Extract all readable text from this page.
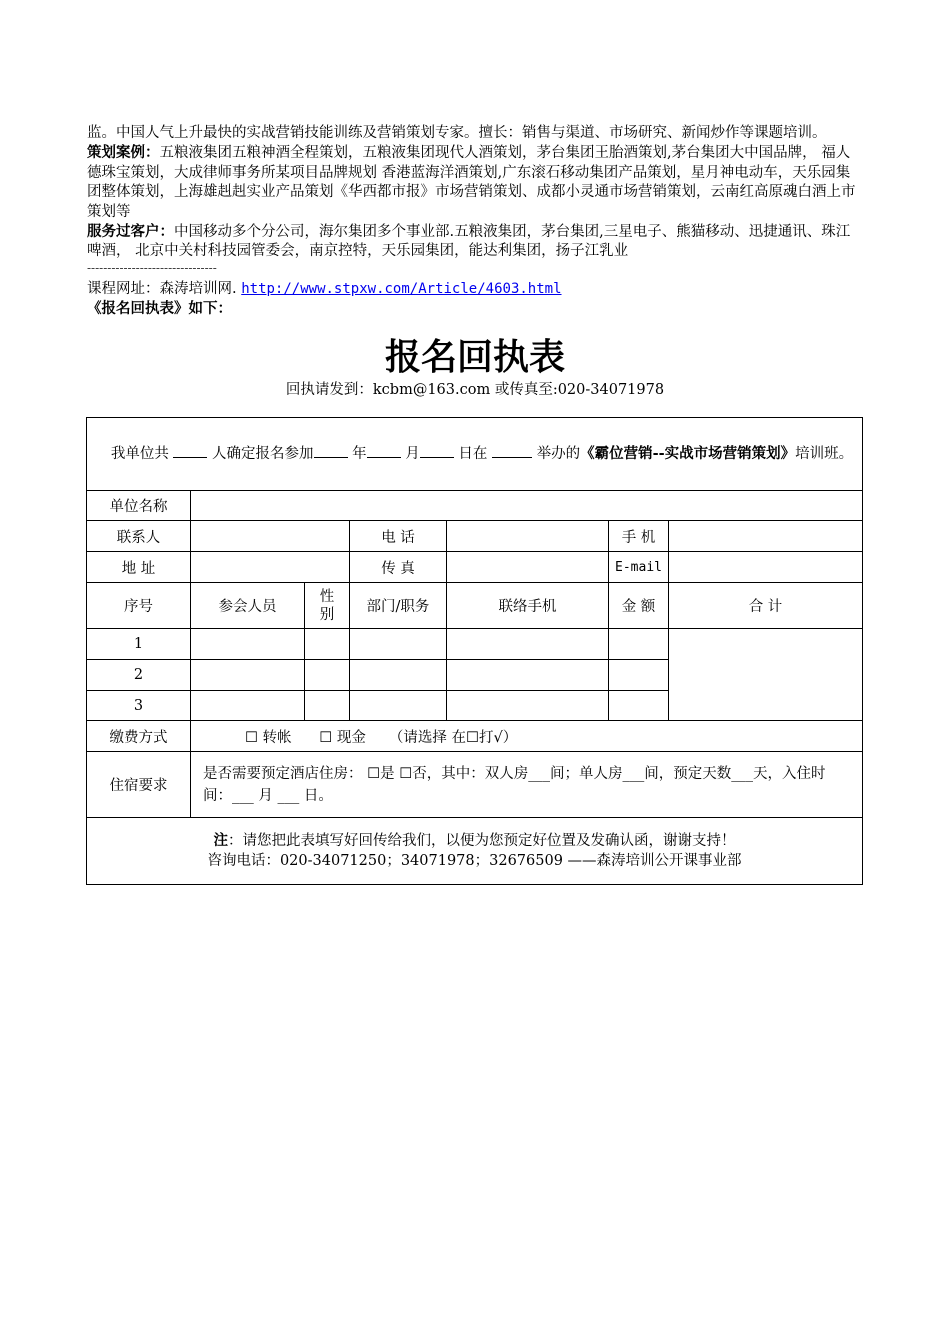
监。中国人气上升最快的实战营销技能训练及营销策划专家。擅长：销售与渠道、市场研究、新闻炒作等课题培训。

策划案例：五粮液集团五粮神酒全程策划，五粮液集团现代人酒策划，茅台集团王胎酒策划,茅台集团大中国品牌， 福人德珠宝策划，大成律师事务所某项目品牌规划 香港蓝海洋酒策划,广东滚石移动集团产品策划，星月神电动车，天乐园集团整体策划，上海雄赳赳实业产品策划《华西都市报》市场营销策划、成都小灵通市场营销策划，云南红高原魂白酒上市策划等

服务过客户：中国移动多个分公司，海尔集团多个事业部.五粮液集团，茅台集团,三星电子、熊猫移动、迅捷通讯、珠江啤酒， 北京中关村科技园管委会，南京控特，天乐园集团，能达利集团，扬子江乳业

--------------------------------

课程网址：森涛培训网. http://www.stpxw.com/Article/4603.html

《报名回执表》如下：

报名回执表
回执请发到：kcbm@163.com 或传真至:020-34071978
我单位共 人确定报名参加 年 月 日在 举办的《霸位营销--实战市场营销策划》培训班。						
单位名称						
联系人			电 话		手 机	
地 址			传 真		E-mail	
序号	参会人员	性别	部门/职务	联络手机	金 额	合 计
1						
2						
3						
缴费方式	☐ 转帐 ☐ 现金 （请选择 在☐打√）					
住宿要求	是否需要预定酒店住房： ☐是 ☐否，其中：双人房___间；单人房___间，预定天数___天，入住时间：___ 月 ___ 日。					

注：请您把此表填写好回传给我们，以便为您预定好位置及发确认函，谢谢支持！
咨询电话：020-34071250；34071978；32676509 ——森涛培训公开课事业部						
